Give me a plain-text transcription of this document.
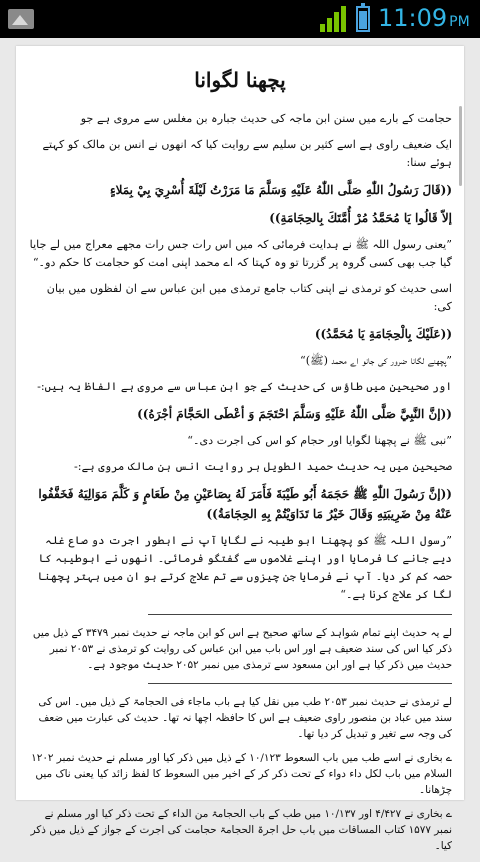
11:09 PM
پچھنا لگوانا

حجامت کے بارے میں سنن ابن ماجہ کی حدیث جبارہ بن مغلس سے مروی ہے جو

ایک ضعیف راوی ہے اسے کثیر بن سلیم سے روایت کیا کہ انھوں نے انس بن مالک کو کہتے ہوئے سنا:

((قَالَ رَسُولُ اللّٰهِ صَلَّى اللّٰهُ عَلَيْهِ وَسَلَّمَ مَا مَرَرْتُ لَيْلَةَ أُسْرِيَ بِيْ بِمَلاءٍ

إلاّ قَالُوا يَا مُحَمَّدُ مُرْ أُمَّتَكَ بِالحِجَامَةِ))

”یعنی رسول اللہ ﷺ نے ہدایت فرمائی کہ میں اس رات جس رات مجھے معراج میں لے جایا گیا جب بھی کسی گروہ پر گزرتا تو وہ کہتا کہ اے محمد اپنی امت کو حجامت کا حکم دو۔“

اسی حدیث کو ترمذی نے اپنی کتاب جامع ترمذی میں ابن عباس سے ان لفظوں میں بیان کی:

((عَلَيْكَ بِالْحِجَامَةِ يَا مُحَمَّدُ))

”پچھنے لگانا ضرور کی جانو اے محمد (ﷺ)“

اور صحیحین میں طاؤس کی حدیث کے جو ابن عباس سے مروی ہے الفاظ یہ ہیں:-

((إنَّ النَّبِيَّ صَلَّى اللّٰهُ عَلَيْهِ وَسَلَّمَ احْتَجَمَ وَ أعْطَى الحَجَّامَ أجْرَهُ))

”نبی ﷺ نے پچھنا لگوایا اور حجام کو اس کی اجرت دی۔“

صحیحین میں یہ حدیث حمید الطویل بر روایت انس بن مالک مروی ہے:-

((إنَّ رَسُولَ اللّٰهِ ﷺ حَجَمَهُ أَبُو طَيْبَةَ فَأَمَرَ لَهُ بِصَاعَيْنِ مِنْ طَعَامٍ وَ كَلَّمَ مَوَالِيَهُ فَخَفَّفُوا عَنْهُ مِنْ ضَرِيبَتِهِ وَقَالَ خَيْرُ مَا تَدَاوَيْتُمْ بِهِ الحِجَامَةُ))

”رسول اللہ ﷺ کو پچھنا ابو طیبہ نے لگایا آپ نے ابطور اجرت دو صاع غلہ دیے جانے کا فرمایا اور اپنے غلاموں سے گفتگو فرمائی۔ انھوں نے ابوطیبہ کا حصہ کم کر دیا۔ آپ نے فرمایا جن چیزوں سے تم علاج کرتے ہو ان میں بہتر پچھنا لگا کر علاج کرنا ہے۔“

لے یہ حدیث اپنے تمام شواہد کے ساتھ صحیح ہے اس کو ابن ماجہ نے حدیث نمبر ۳۴۷۹ کے ذیل میں ذکر کیا اس کی سند ضعیف ہے اور اس باب میں ابن عباس کی روایت کو ترمذی نے ۲۰۵۳ نمبر حدیث میں ذکر کیا ہے اور ابن مسعود سے ترمذی میں نمبر ۲۰۵۲ حدیث موجود ہے۔

لے ترمذی نے حدیث نمبر ۲۰۵۳ طب میں نقل کیا ہے باب ماجاء فی الحجامۃ کے ذیل میں۔ اس کی سند میں عباد بن منصور راوی ضعیف ہے اس کا حافظہ اچھا نہ تھا۔ حدیث کی عبارت میں ضعف کی وجہ سے تغیر و تبدیل کر دیا تھا۔

ے بخاری نے اسے طب میں باب السعوط ۱۰/۱۲۳ کے ذیل میں ذکر کیا اور مسلم نے حدیث نمبر ۱۲۰۲ السلام میں باب لکل داء دواء کے تحت ذکر کر کے اخیر میں السعوط کا لفظ زائد کیا یعنی ناک میں چڑھانا۔

ے بخاری نے ۴/۴۲۷ اور ۱۰/۱۳۷ میں طب کے باب الحجامۃ من الداء کے تحت ذکر کیا اور مسلم نے نمبر ۱۵۷۷ کتاب المساقات میں باب حل اجرۃ الحجامۃ حجامت کی اجرت کے جواز کے ذیل میں ذکر کیا۔
